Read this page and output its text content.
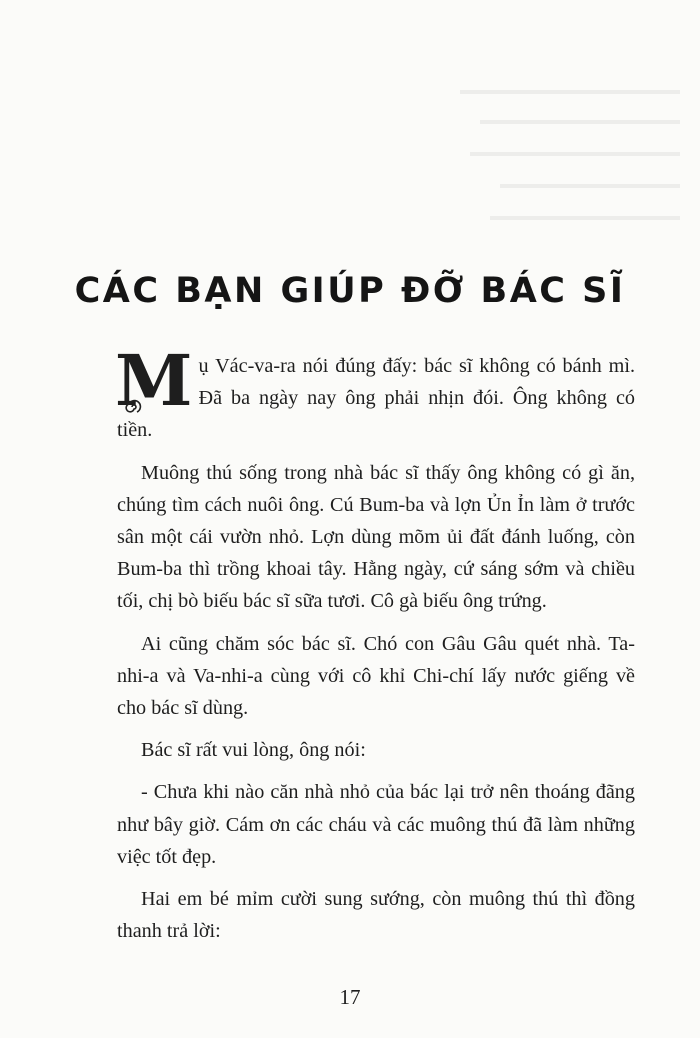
CÁC BẠN GIÚP ĐỠ BÁC SĨ

M ụ Vác-va-ra nói đúng đấy: bác sĩ không có bánh mì. Đã ba ngày nay ông phải nhịn đói. Ông không có tiền.

Muông thú sống trong nhà bác sĩ thấy ông không có gì ăn, chúng tìm cách nuôi ông. Cú Bum-ba và lợn Ủn Ỉn làm ở trước sân một cái vườn nhỏ. Lợn dùng mõm ủi đất đánh luống, còn Bum-ba thì trồng khoai tây. Hằng ngày, cứ sáng sớm và chiều tối, chị bò biếu bác sĩ sữa tươi. Cô gà biếu ông trứng.

Ai cũng chăm sóc bác sĩ. Chó con Gâu Gâu quét nhà. Ta-nhi-a và Va-nhi-a cùng với cô khỉ Chi-chí lấy nước giếng về cho bác sĩ dùng.

Bác sĩ rất vui lòng, ông nói:

- Chưa khi nào căn nhà nhỏ của bác lại trở nên thoáng đãng như bây giờ. Cám ơn các cháu và các muông thú đã làm những việc tốt đẹp.

Hai em bé mỉm cười sung sướng, còn muông thú thì đồng thanh trả lời:

17
